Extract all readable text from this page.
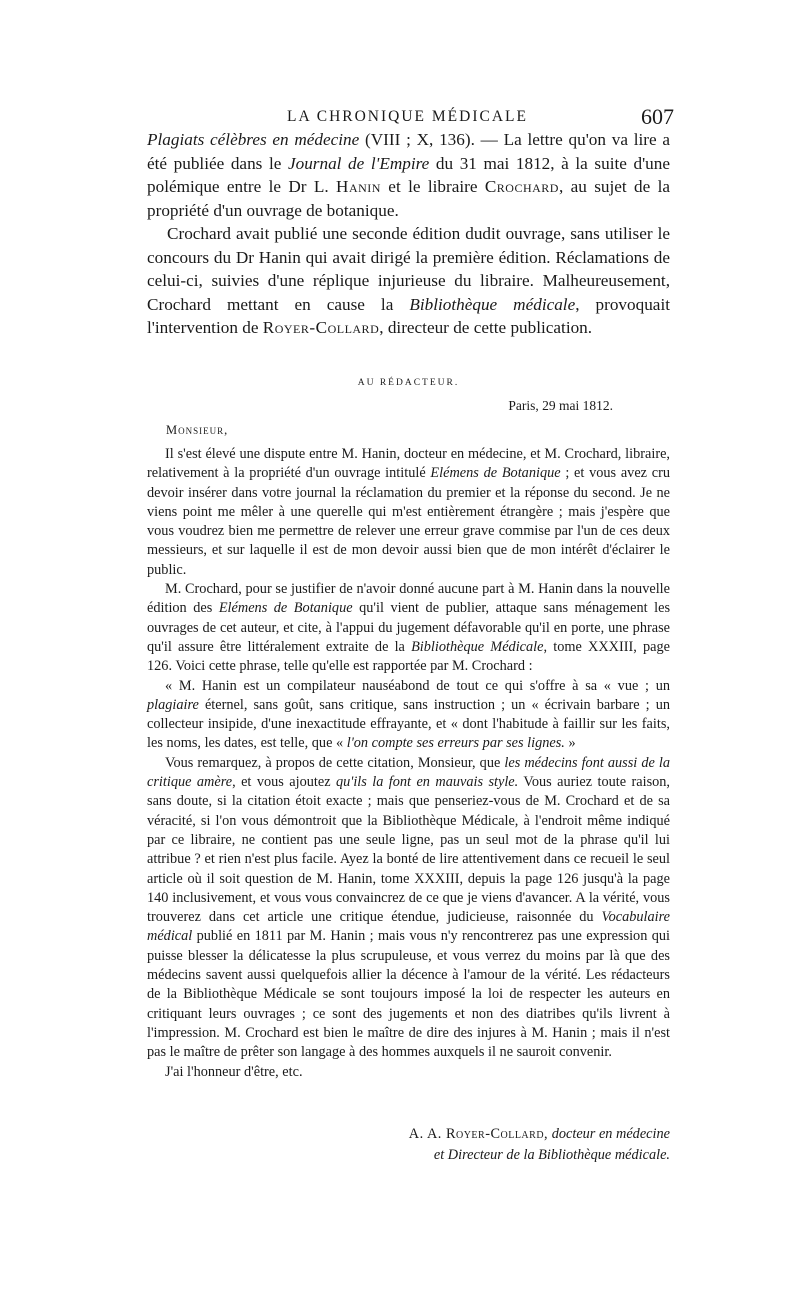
LA CHRONIQUE MÉDICALE	607

Plagiats célèbres en médecine (VIII ; X, 136). — La lettre qu'on va lire a été publiée dans le Journal de l'Empire du 31 mai 1812, à la suite d'une polémique entre le Dr L. Hanin et le libraire Crochard, au sujet de la propriété d'un ouvrage de botanique.

Crochard avait publié une seconde édition dudit ouvrage, sans utiliser le concours du Dr Hanin qui avait dirigé la première édition. Réclamations de celui-ci, suivies d'une réplique injurieuse du libraire. Malheureusement, Crochard mettant en cause la Bibliothèque médicale, provoquait l'intervention de Royer-Collard, directeur de cette publication.

AU RÉDACTEUR.
Paris, 29 mai 1812.
Monsieur,

Il s'est élevé une dispute entre M. Hanin, docteur en médecine, et M. Crochard, libraire, relativement à la propriété d'un ouvrage intitulé Elémens de Botanique ; et vous avez cru devoir insérer dans votre journal la réclamation du premier et la réponse du second. Je ne viens point me mêler à une querelle qui m'est entièrement étrangère ; mais j'espère que vous voudrez bien me permettre de relever une erreur grave commise par l'un de ces deux messieurs, et sur laquelle il est de mon devoir aussi bien que de mon intérêt d'éclairer le public.

M. Crochard, pour se justifier de n'avoir donné aucune part à M. Hanin dans la nouvelle édition des Elémens de Botanique qu'il vient de publier, attaque sans ménagement les ouvrages de cet auteur, et cite, à l'appui du jugement défavorable qu'il en porte, une phrase qu'il assure être littéralement extraite de la Bibliothèque Médicale, tome XXXIII, page 126. Voici cette phrase, telle qu'elle est rapportée par M. Crochard :

« M. Hanin est un compilateur nauséabond de tout ce qui s'offre à sa « vue ; un plagiaire éternel, sans goût, sans critique, sans instruction ; un « écrivain barbare ; un collecteur insipide, d'une inexactitude effrayante, et « dont l'habitude à faillir sur les faits, les noms, les dates, est telle, que « l'on compte ses erreurs par ses lignes. »

Vous remarquez, à propos de cette citation, Monsieur, que les médecins font aussi de la critique amère, et vous ajoutez qu'ils la font en mauvais style. Vous auriez toute raison, sans doute, si la citation étoit exacte ; mais que penseriez-vous de M. Crochard et de sa véracité, si l'on vous démontroit que la Bibliothèque Médicale, à l'endroit même indiqué par ce libraire, ne contient pas une seule ligne, pas un seul mot de la phrase qu'il lui attribue ? et rien n'est plus facile. Ayez la bonté de lire attentivement dans ce recueil le seul article où il soit question de M. Hanin, tome XXXIII, depuis la page 126 jusqu'à la page 140 inclusivement, et vous vous convaincrez de ce que je viens d'avancer. A la vérité, vous trouverez dans cet article une critique étendue, judicieuse, raisonnée du Vocabulaire médical publié en 1811 par M. Hanin ; mais vous n'y rencontrerez pas une expression qui puisse blesser la délicatesse la plus scrupuleuse, et vous verrez du moins par là que des médecins savent aussi quelquefois allier la décence à l'amour de la vérité. Les rédacteurs de la Bibliothèque Médicale se sont toujours imposé la loi de respecter les auteurs en critiquant leurs ouvrages ; ce sont des jugements et non des diatribes qu'ils livrent à l'impression. M. Crochard est bien le maître de dire des injures à M. Hanin ; mais il n'est pas le maître de prêter son langage à des hommes auxquels il ne sauroit convenir.

J'ai l'honneur d'être, etc.

A. A. Royer-Collard, docteur en médecine
et Directeur de la Bibliothèque médicale.
